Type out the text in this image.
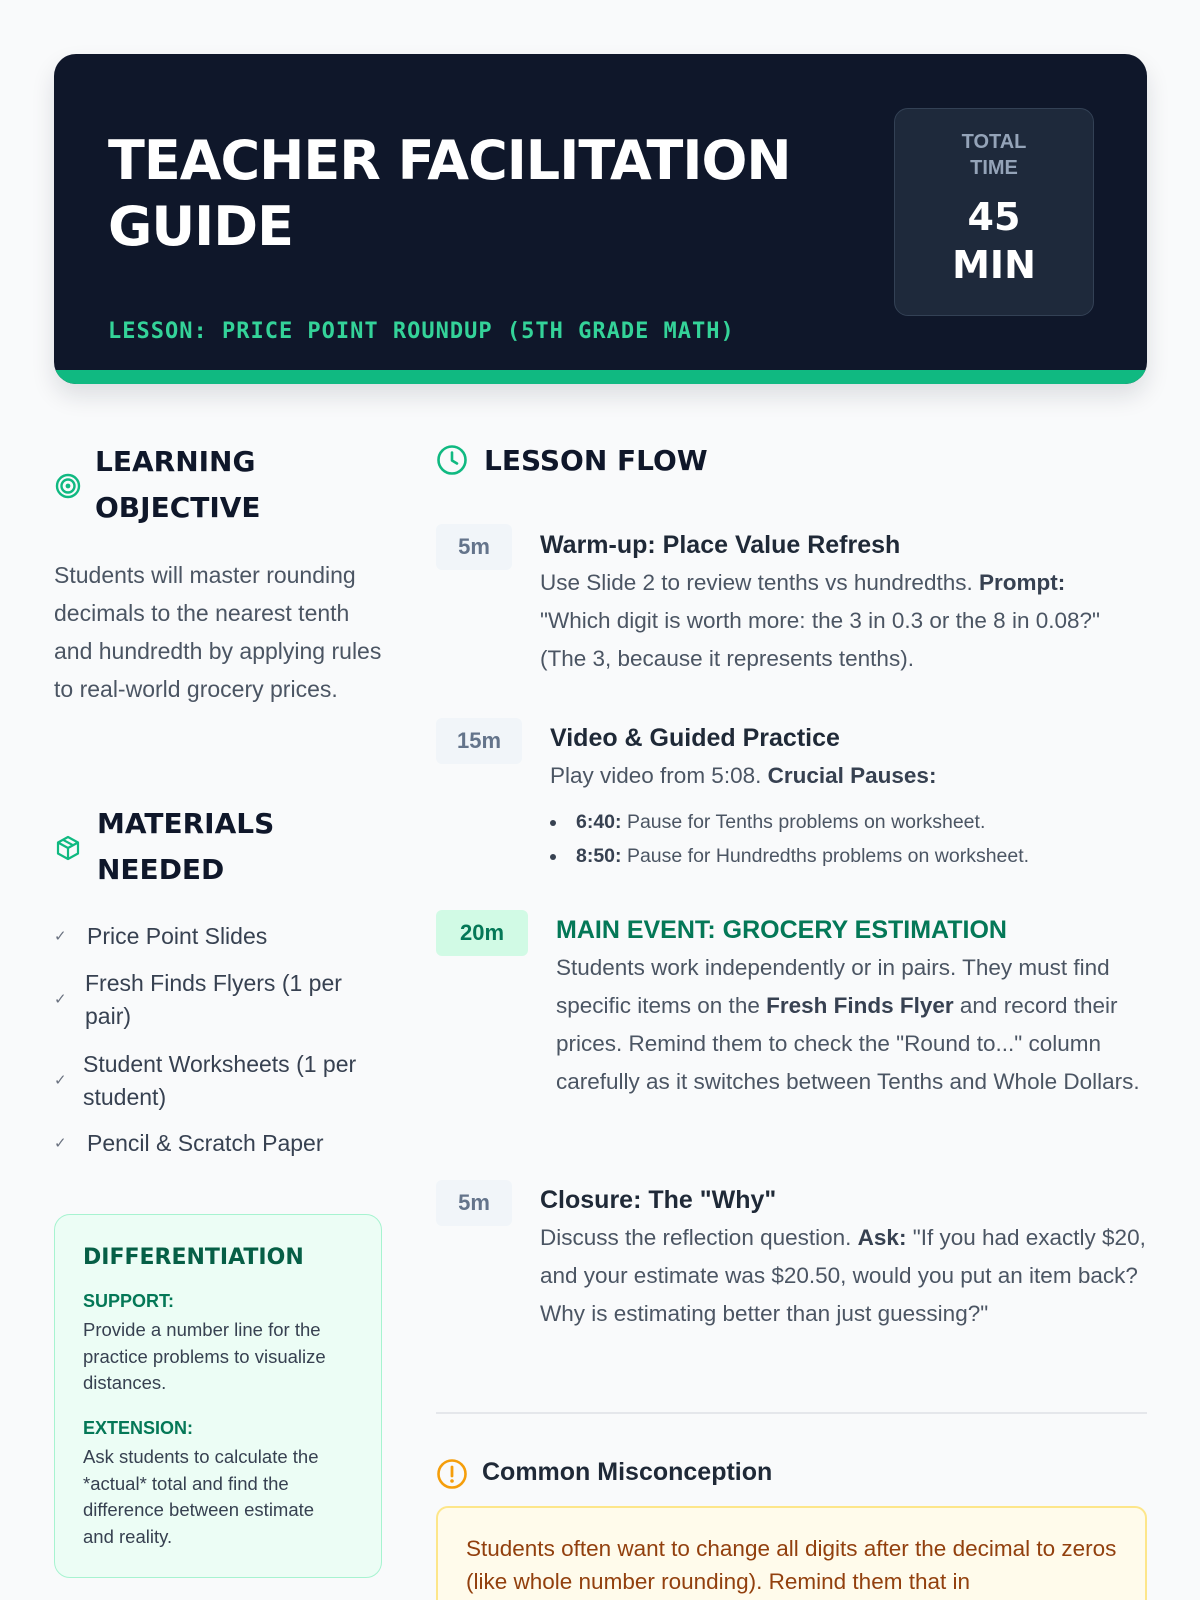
TEACHER FACILITATION GUIDE
LESSON: PRICE POINT ROUNDUP (5TH GRADE MATH)
TOTAL TIME
45 MIN
LEARNING OBJECTIVE
Students will master rounding decimals to the nearest tenth and hundredth by applying rules to real-world grocery prices.
MATERIALS NEEDED
✓ Price Point Slides
✓
Fresh Finds Flyers (1 per pair)
✓
Student Worksheets (1 per student)
✓ Pencil & Scratch Paper
DIFFERENTIATION
SUPPORT:
Provide a number line for the practice problems to visualize distances.
EXTENSION:
Ask students to calculate the *actual* total and find the difference between estimate and reality.
LESSON FLOW
5m	Warm-up: Place Value Refresh
Use Slide 2 to review tenths vs hundredths. Prompt: "Which digit is worth more: the 3 in 0.3 or the 8 in 0.08?" (The 3, because it represents tenths).
15m	Video & Guided Practice
Play video from 5:08. Crucial Pauses:
6:40: Pause for Tenths problems on worksheet.
8:50: Pause for Hundredths problems on worksheet.
20m	MAIN EVENT: GROCERY ESTIMATION
Students work independently or in pairs. They must find specific items on the Fresh Finds Flyer and record their prices. Remind them to check the "Round to..." column carefully as it switches between Tenths and Whole Dollars.
5m	Closure: The "Why"
Discuss the reflection question. Ask: "If you had exactly $20, and your estimate was $20.50, would you put an item back? Why is estimating better than just guessing?"
Common Misconception
Students often want to change all digits after the decimal to zeros (like whole number rounding). Remind them that in
